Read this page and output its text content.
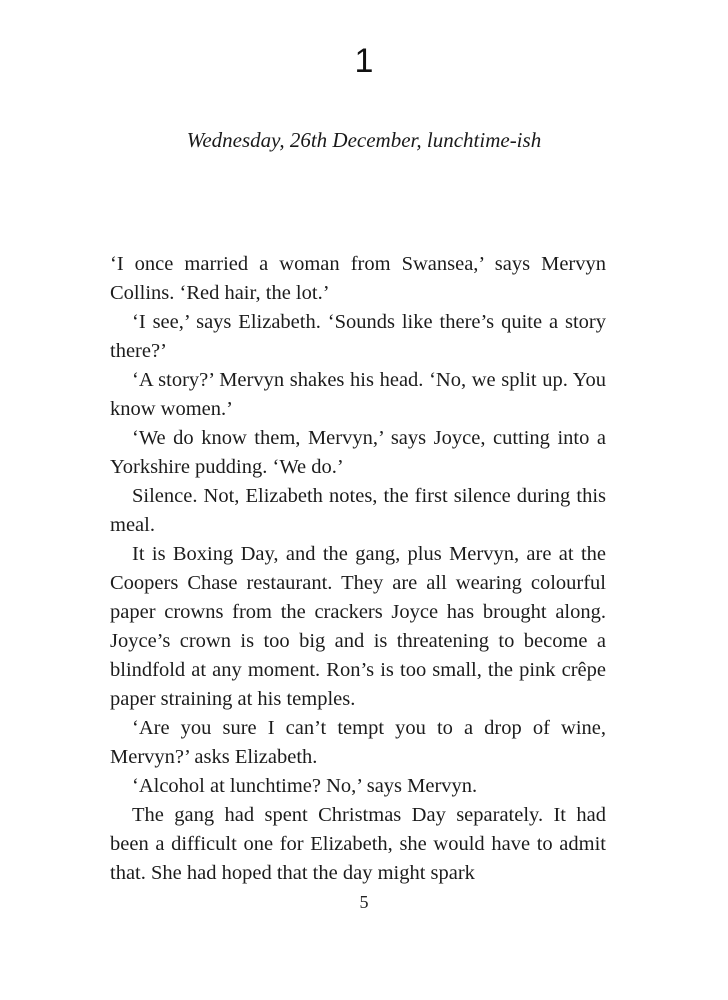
1
Wednesday, 26th December, lunchtime-ish

‘I once married a woman from Swansea,’ says Mervyn Collins. ‘Red hair, the lot.’

‘I see,’ says Elizabeth. ‘Sounds like there’s quite a story there?’

‘A story?’ Mervyn shakes his head. ‘No, we split up. You know women.’

‘We do know them, Mervyn,’ says Joyce, cutting into a Yorkshire pudding. ‘We do.’

Silence. Not, Elizabeth notes, the first silence during this meal.

It is Boxing Day, and the gang, plus Mervyn, are at the Coopers Chase restaurant. They are all wearing colourful paper crowns from the crackers Joyce has brought along. Joyce’s crown is too big and is threatening to become a blindfold at any moment. Ron’s is too small, the pink crêpe paper straining at his temples.

‘Are you sure I can’t tempt you to a drop of wine, Mervyn?’ asks Elizabeth.

‘Alcohol at lunchtime? No,’ says Mervyn.

The gang had spent Christmas Day separately. It had been a difficult one for Elizabeth, she would have to admit that. She had hoped that the day might spark

5
